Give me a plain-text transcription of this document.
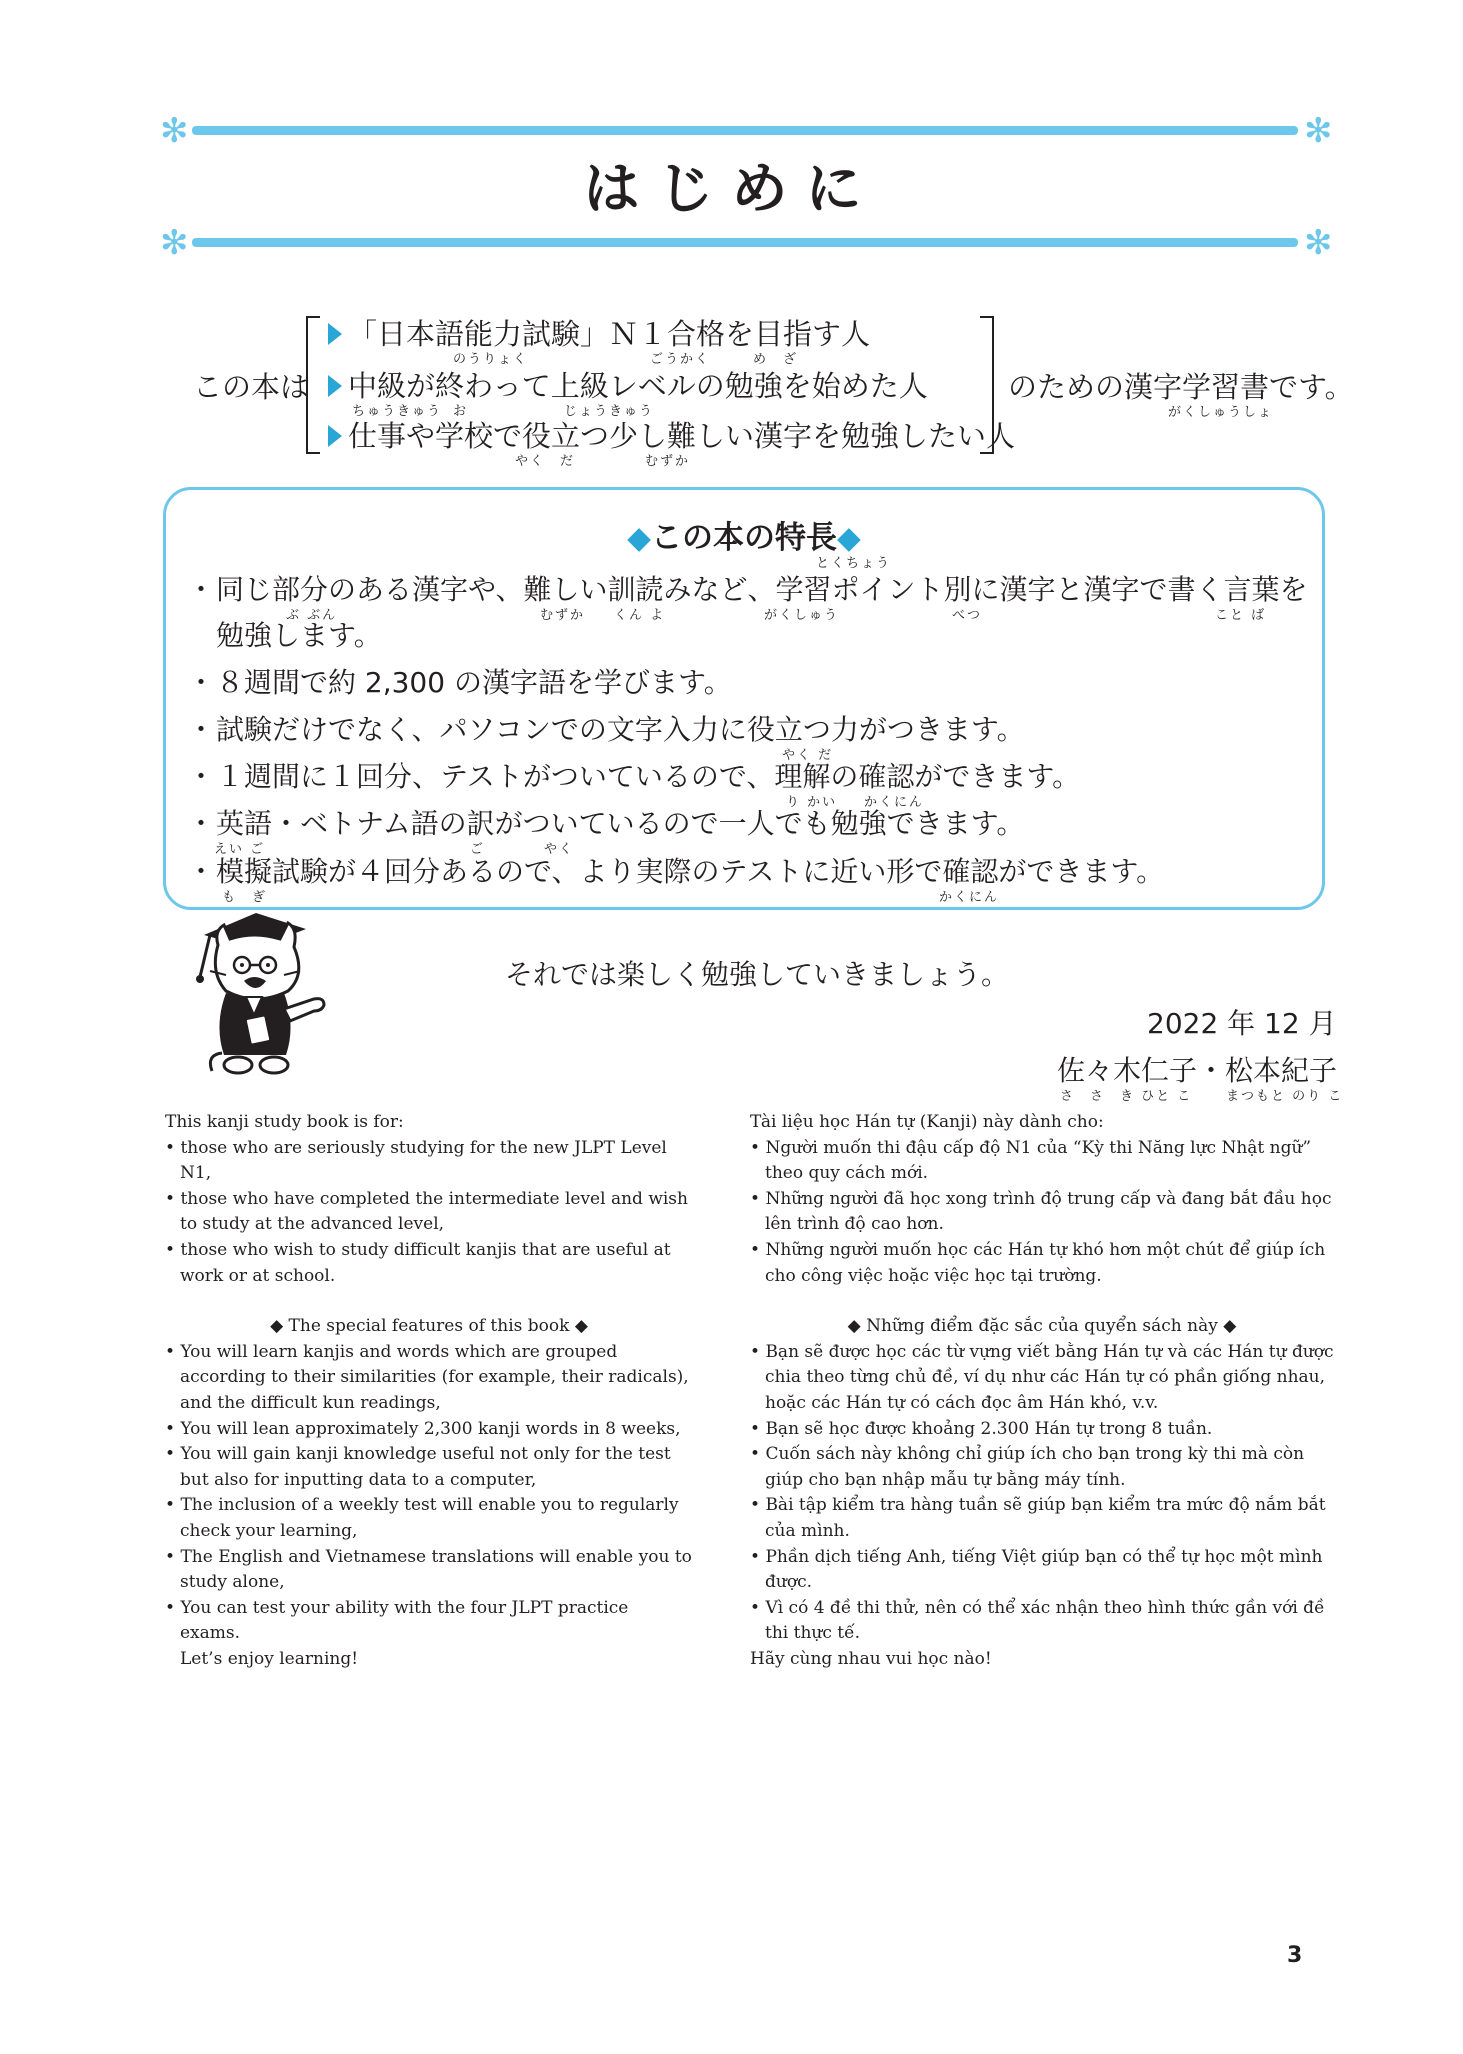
✻	✻
はじめに
✻	✻
この本は
「日本語能力試験」Ｎ１合格を目指す人
のうりょく	ごうかく	め　ざ
中級が終わって上級レベルの勉強を始めた人
ちゅうきゅう お	じょうきゅう
仕事や学校で役立つ少し難しい漢字を勉強したい人
やく　だ	むずか
のための漢字学習書です。
がくしゅうしょ
◆この本の特長◆
とくちょう
・同じ部分のある漢字や、難しい訓読みなど、学習ポイント別に漢字と漢字で書く言葉を
ぶ ぶん	むずか くん よ	がくしゅう	べつ	こと ば
勉強します。
・８週間で約 2,300 の漢字語を学びます。
・試験だけでなく、パソコンでの文字入力に役立つ力がつきます。
やく だ
・１週間に１回分、テストがついているので、理解の確認ができます。
り かい かくにん
・英語・ベトナム語の訳がついているので一人でも勉強できます。
えい ご	ご	やく
・模擬試験が４回分あるので、より実際のテストに近い形で確認ができます。
も　ぎ	かくにん
それでは楽しく勉強していきましょう。
2022 年 12 月
佐々木仁子・松本紀子
さ　さ　き ひと こ	まつもと のり こ

This kanji study book is for:

• those who are seriously studying for the new JLPT Level N1,

• those who have completed the intermediate level and wish to study at the advanced level,

• those who wish to study difficult kanjis that are useful at work or at school.

◆ The special features of this book ◆

• You will learn kanjis and words which are grouped according to their similarities (for example, their radicals), and the difficult kun readings,

• You will lean approximately 2,300 kanji words in 8 weeks,

• You will gain kanji knowledge useful not only for the test but also for inputting data to a computer,

• The inclusion of a weekly test will enable you to regularly check your learning,

• The English and Vietnamese translations will enable you to study alone,

• You can test your ability with the four JLPT practice exams.

Let’s enjoy learning!

Tài liệu học Hán tự (Kanji) này dành cho:

• Người muốn thi đậu cấp độ N1 của “Kỳ thi Năng lực Nhật ngữ” theo quy cách mới.

• Những người đã học xong trình độ trung cấp và đang bắt đầu học lên trình độ cao hơn.

• Những người muốn học các Hán tự khó hơn một chút để giúp ích cho công việc hoặc việc học tại trường.

◆ Những điểm đặc sắc của quyển sách này ◆

• Bạn sẽ được học các từ vựng viết bằng Hán tự và các Hán tự được chia theo từng chủ đề, ví dụ như các Hán tự có phần giống nhau, hoặc các Hán tự có cách đọc âm Hán khó, v.v.

• Bạn sẽ học được khoảng 2.300 Hán tự trong 8 tuần.

• Cuốn sách này không chỉ giúp ích cho bạn trong kỳ thi mà còn giúp cho bạn nhập mẫu tự bằng máy tính.

• Bài tập kiểm tra hàng tuần sẽ giúp bạn kiểm tra mức độ nắm bắt của mình.

• Phần dịch tiếng Anh, tiếng Việt giúp bạn có thể tự học một mình được.

• Vì có 4 đề thi thử, nên có thể xác nhận theo hình thức gần với đề thi thực tế.

Hãy cùng nhau vui học nào!

3
